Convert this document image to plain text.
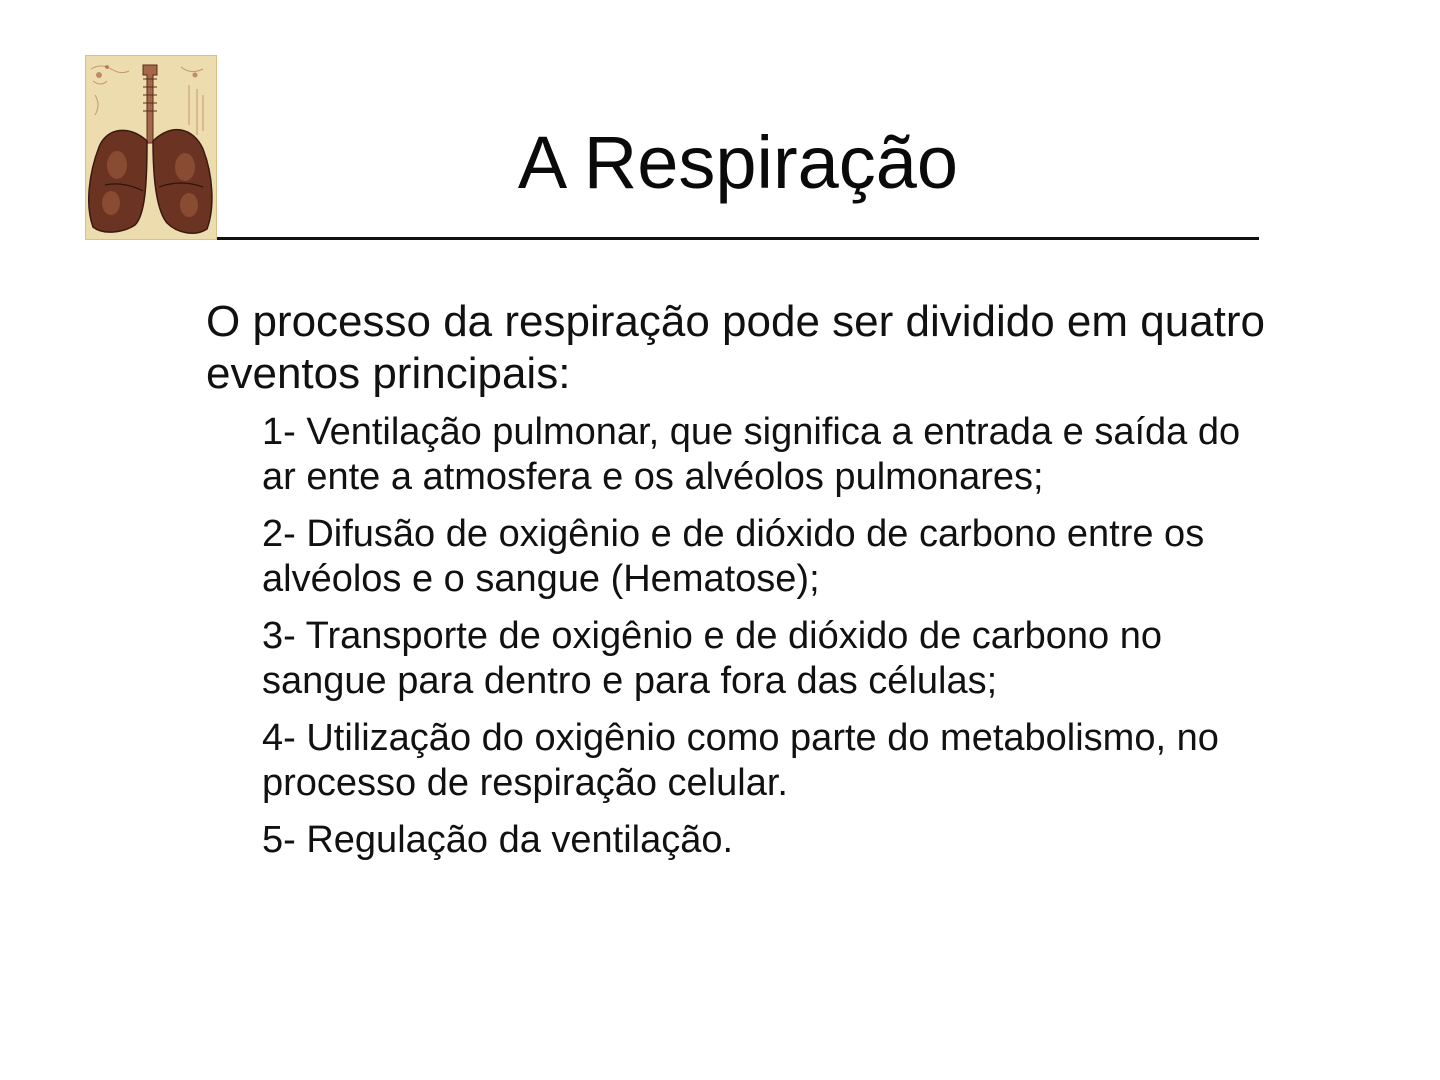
A Respiração

O processo da respiração pode ser dividido em quatro eventos principais:

1- Ventilação pulmonar, que significa a entrada e saída do ar ente a atmosfera e os alvéolos pulmonares;
2- Difusão de oxigênio e de dióxido de carbono entre os alvéolos e o sangue (Hematose);
3- Transporte de oxigênio e de dióxido de carbono no sangue para dentro e para fora das células;
4- Utilização do oxigênio como parte do metabolismo, no processo de respiração celular.
5- Regulação da ventilação.
